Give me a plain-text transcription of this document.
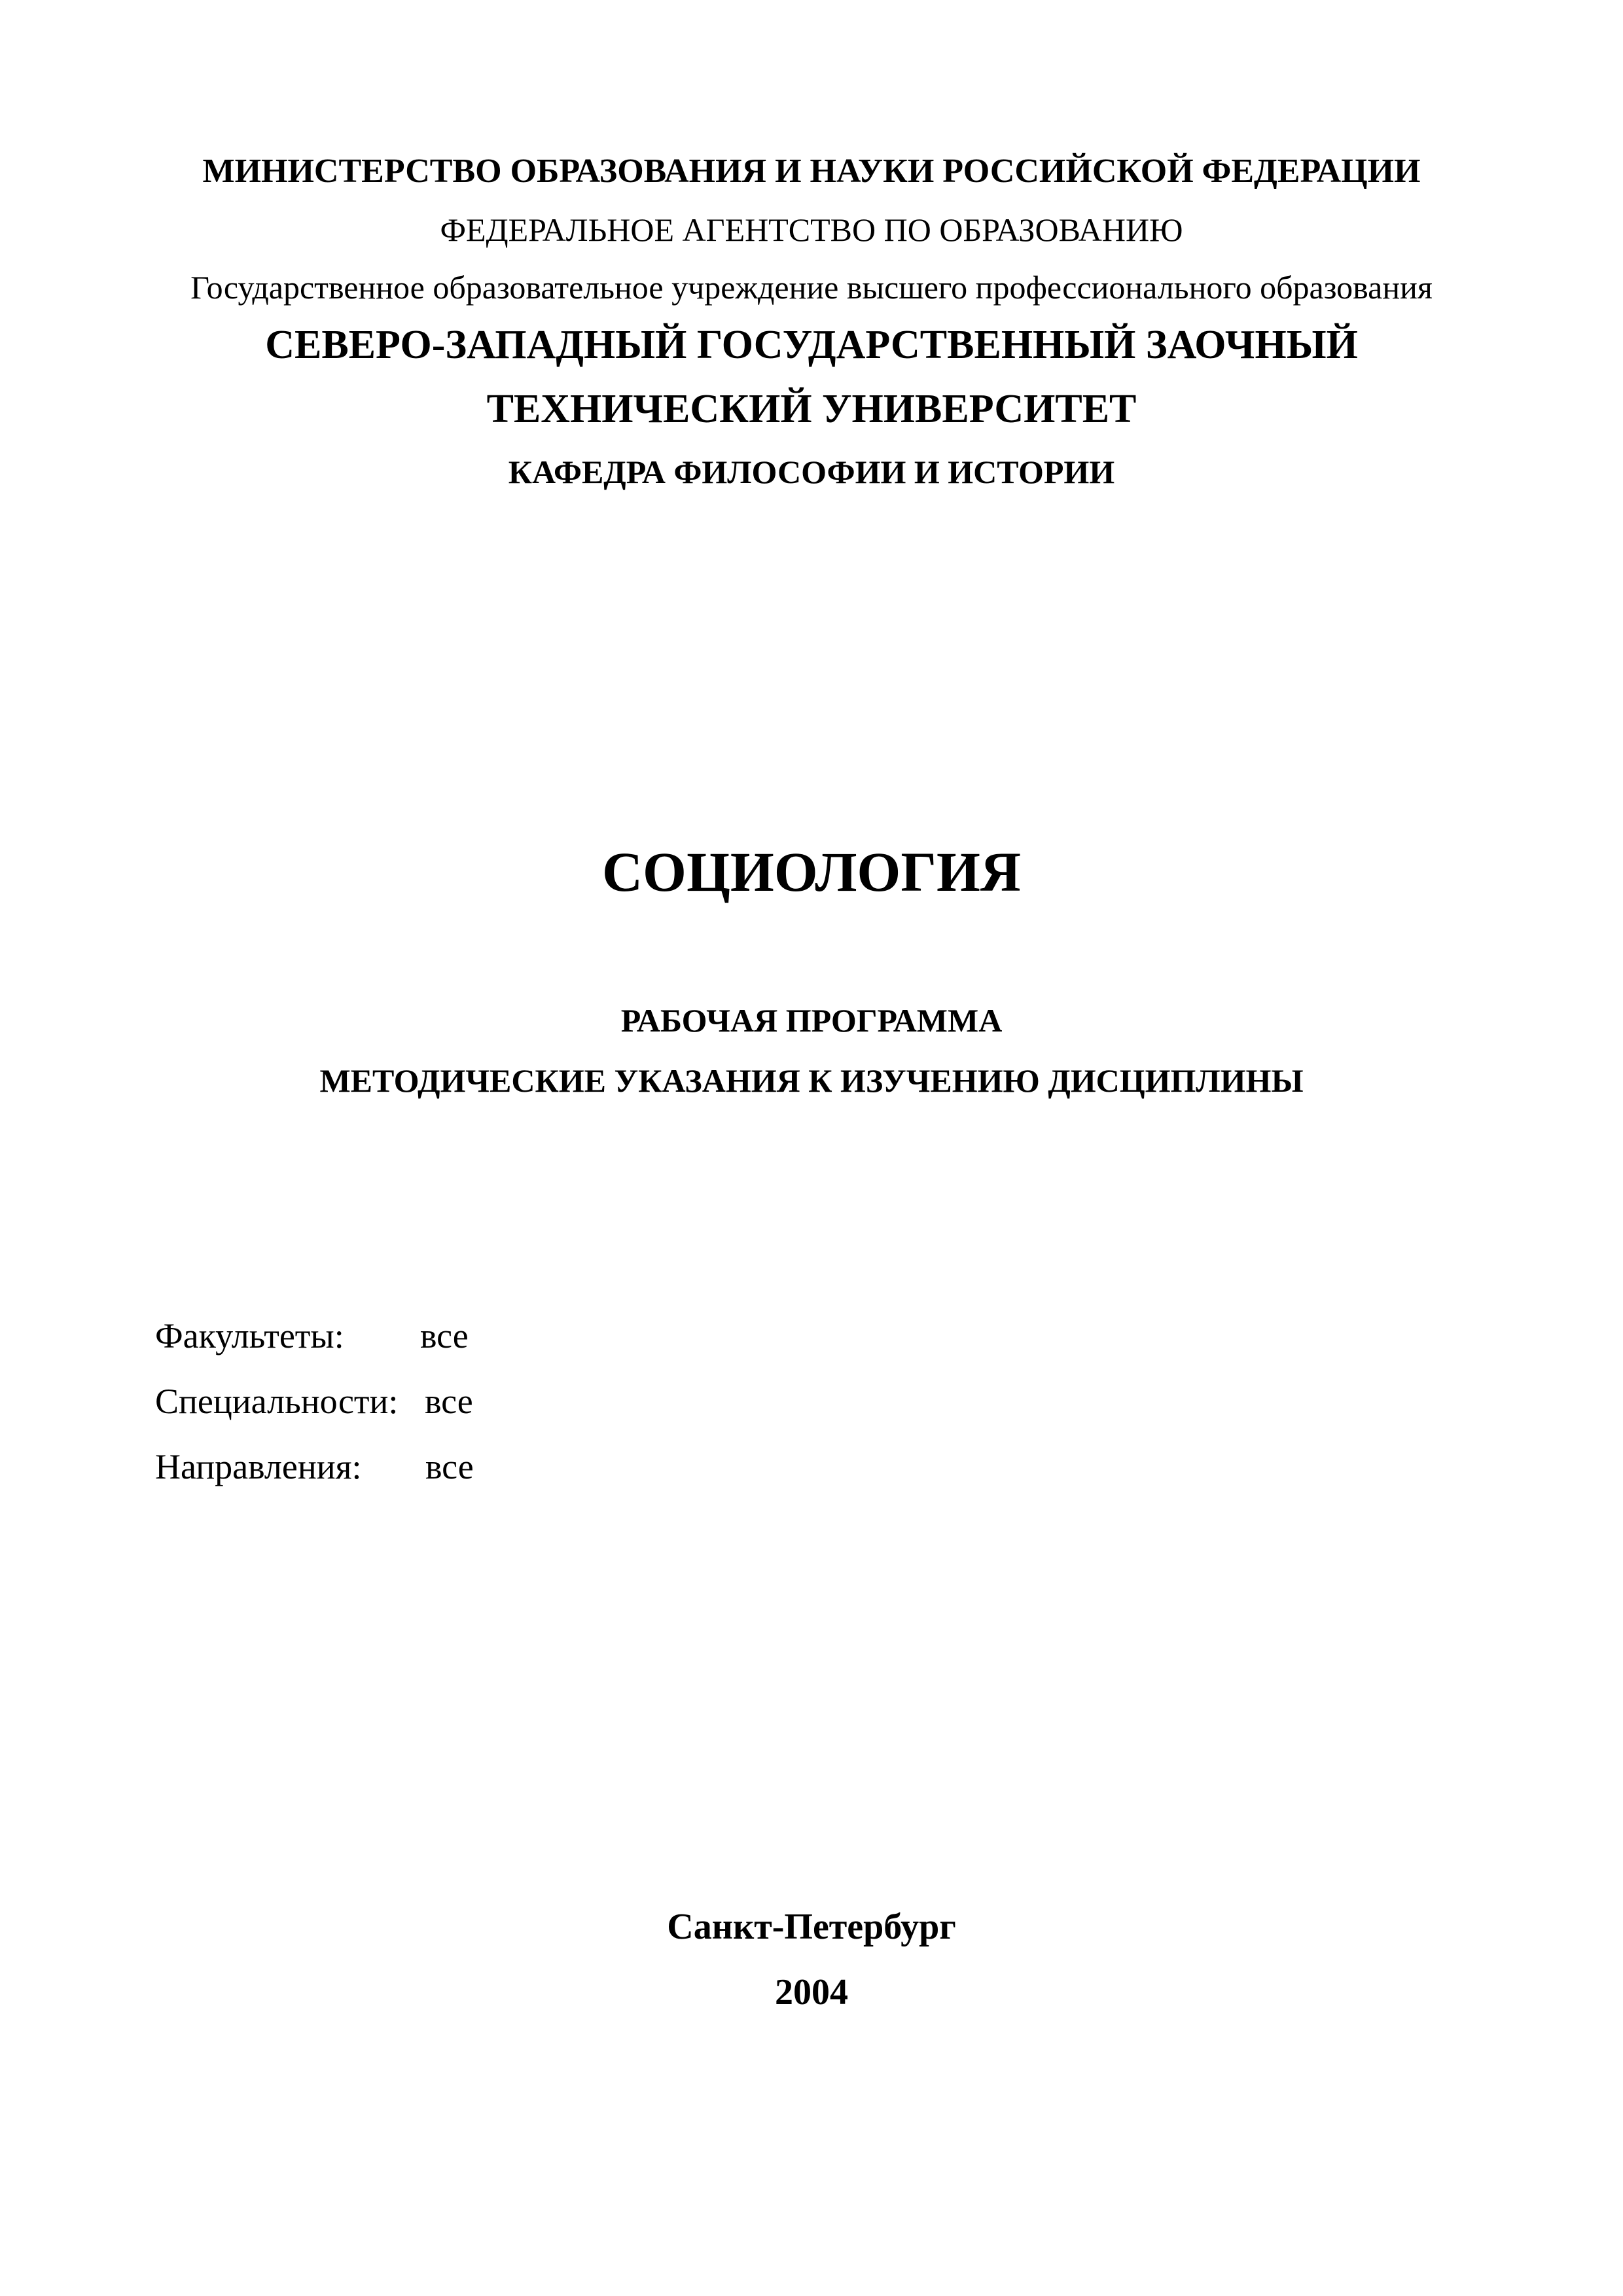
МИНИСТЕРСТВО ОБРАЗОВАНИЯ И НАУКИ РОССИЙСКОЙ ФЕДЕРАЦИИ
ФЕДЕРАЛЬНОЕ АГЕНТСТВО ПО ОБРАЗОВАНИЮ
Государственное образовательное учреждение высшего профессионального образования
СЕВЕРО-ЗАПАДНЫЙ ГОСУДАРСТВЕННЫЙ ЗАОЧНЫЙ
ТЕХНИЧЕСКИЙ УНИВЕРСИТЕТ
КАФЕДРА ФИЛОСОФИИ И ИСТОРИИ
СОЦИОЛОГИЯ
РАБОЧАЯ ПРОГРАММА
МЕТОДИЧЕСКИЕ УКАЗАНИЯ К ИЗУЧЕНИЮ ДИСЦИПЛИНЫ
Факультеты: все
Специальности: все
Направления: все
Санкт-Петербург
2004
